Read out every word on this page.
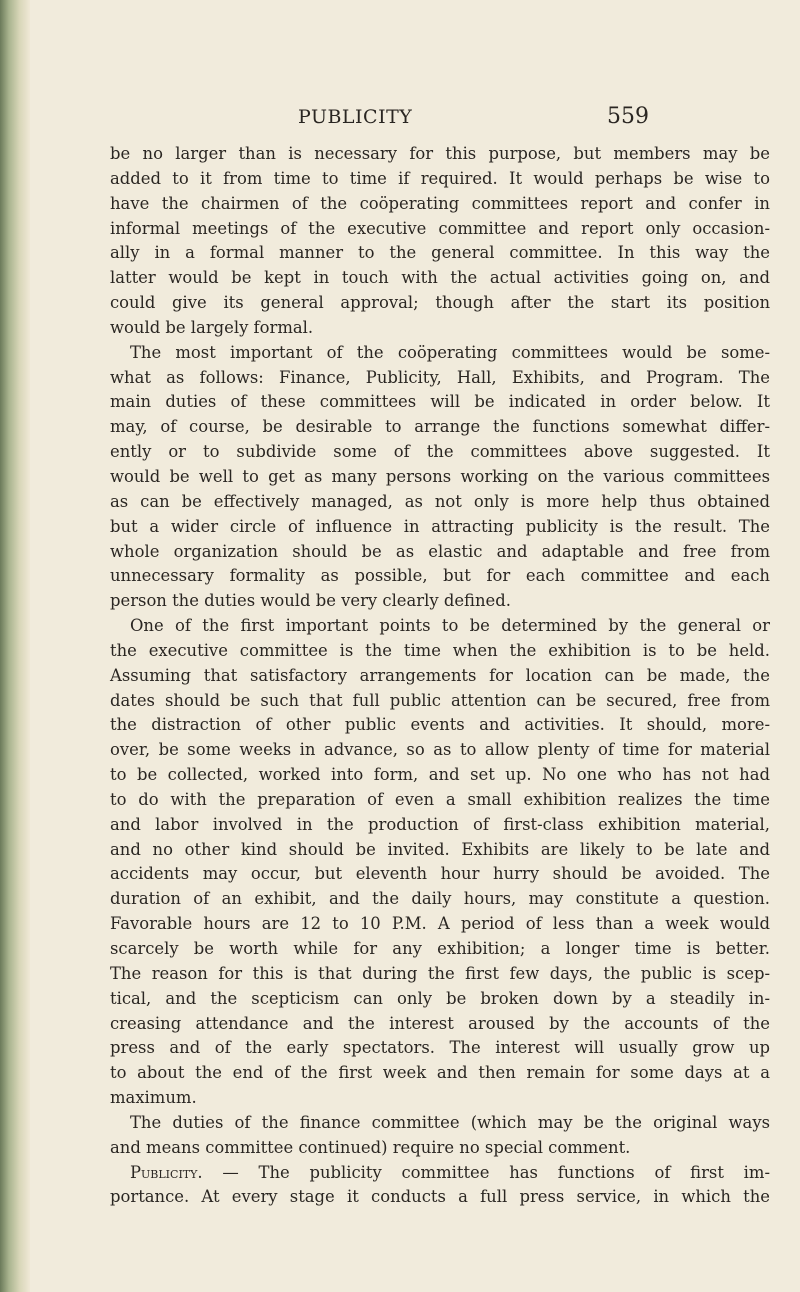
PUBLICITY	559
be no larger than is necessary for this purpose, but members may be
added to it from time to time if required. It would perhaps be wise to
have the chairmen of the coöperating committees report and confer in
informal meetings of the executive committee and report only occasion-
ally in a formal manner to the general committee. In this way the
latter would be kept in touch with the actual activities going on, and
could give its general approval; though after the start its position
would be largely formal.
The most important of the coöperating committees would be some-
what as follows: Finance, Publicity, Hall, Exhibits, and Program. The
main duties of these committees will be indicated in order below. It
may, of course, be desirable to arrange the functions somewhat differ-
ently or to subdivide some of the committees above suggested. It
would be well to get as many persons working on the various committees
as can be effectively managed, as not only is more help thus obtained
but a wider circle of influence in attracting publicity is the result. The
whole organization should be as elastic and adaptable and free from
unnecessary formality as possible, but for each committee and each
person the duties would be very clearly defined.
One of the first important points to be determined by the general or
the executive committee is the time when the exhibition is to be held.
Assuming that satisfactory arrangements for location can be made, the
dates should be such that full public attention can be secured, free from
the distraction of other public events and activities. It should, more-
over, be some weeks in advance, so as to allow plenty of time for material
to be collected, worked into form, and set up. No one who has not had
to do with the preparation of even a small exhibition realizes the time
and labor involved in the production of first-class exhibition material,
and no other kind should be invited. Exhibits are likely to be late and
accidents may occur, but eleventh hour hurry should be avoided. The
duration of an exhibit, and the daily hours, may constitute a question.
Favorable hours are 12 to 10 P.M. A period of less than a week would
scarcely be worth while for any exhibition; a longer time is better.
The reason for this is that during the first few days, the public is scep-
tical, and the scepticism can only be broken down by a steadily in-
creasing attendance and the interest aroused by the accounts of the
press and of the early spectators. The interest will usually grow up
to about the end of the first week and then remain for some days at a
maximum.
The duties of the finance committee (which may be the original ways
and means committee continued) require no special comment.
Publicity. — The publicity committee has functions of first im-
portance. At every stage it conducts a full press service, in which the
